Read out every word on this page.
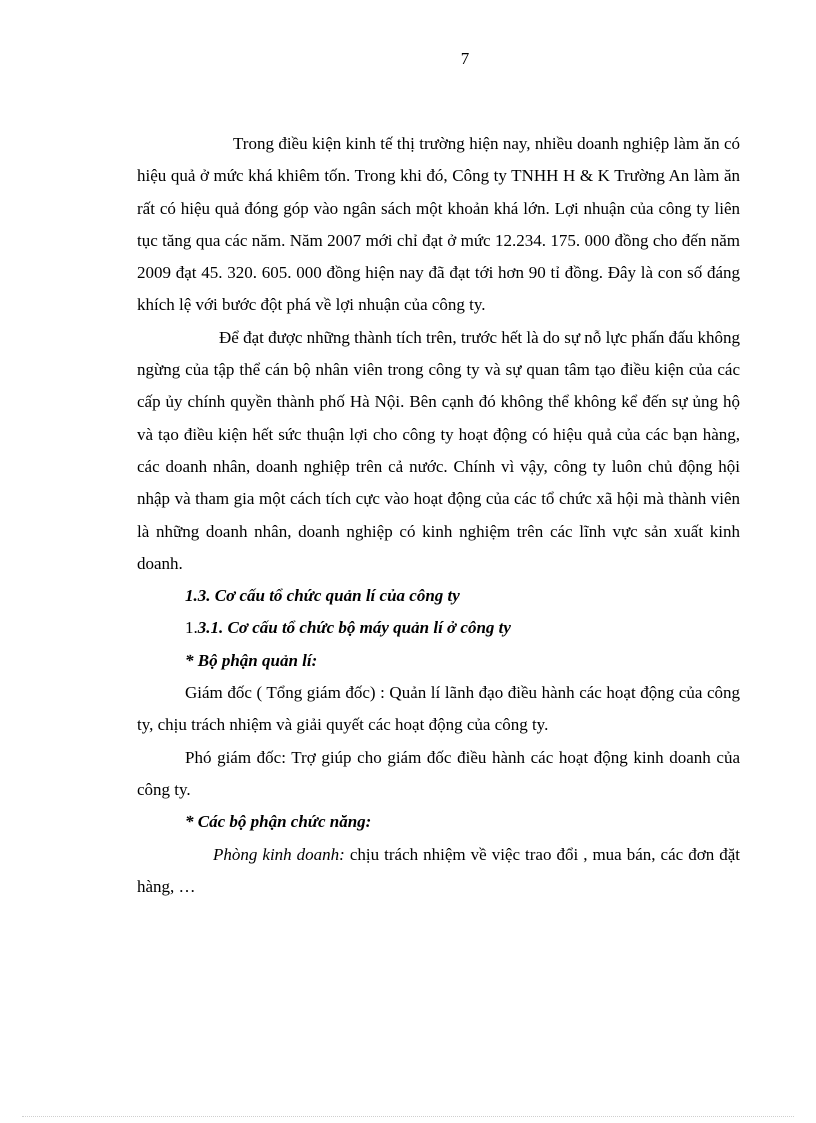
7

Trong điều kiện kinh tế thị trường hiện nay, nhiều doanh nghiệp làm ăn có hiệu quả ở mức khá khiêm tốn. Trong khi đó, Công ty TNHH H & K Trường An làm ăn rất có hiệu quả đóng góp vào ngân sách một khoản khá lớn. Lợi nhuận của công ty liên tục tăng qua các năm. Năm 2007 mới chỉ đạt ở mức 12.234. 175. 000 đồng cho đến năm 2009 đạt 45. 320. 605. 000 đồng hiện nay đã đạt tới hơn 90 tỉ đồng. Đây là con số đáng khích lệ với bước đột phá về lợi nhuận của công ty.

Để đạt được những thành tích trên, trước hết là do sự nỗ lực phấn đấu không ngừng của tập thể cán bộ nhân viên trong công ty và sự quan tâm tạo điều kiện của các cấp ủy chính quyền thành phố Hà Nội. Bên cạnh đó không thể không kể đến sự ủng hộ và tạo điều kiện hết sức thuận lợi cho công ty hoạt động có hiệu quả của các bạn hàng, các doanh nhân, doanh nghiệp trên cả nước. Chính vì vậy, công ty luôn chủ động hội nhập và tham gia một cách tích cực vào hoạt động của các tổ chức xã hội mà thành viên là những doanh nhân, doanh nghiệp có kinh nghiệm trên các lĩnh vực sản xuất kinh doanh.

1.3. Cơ cấu tổ chức quản lí của công ty

1.3.1. Cơ cấu tổ chức bộ máy quản lí ở công ty

* Bộ phận quản lí:

Giám đốc ( Tổng giám đốc) : Quản lí lãnh đạo điều hành các hoạt động của công ty, chịu trách nhiệm và giải quyết các hoạt động của công ty.

Phó giám đốc: Trợ giúp cho giám đốc điều hành các hoạt động kinh doanh của công ty.

* Các bộ phận chức năng:

Phòng kinh doanh: chịu trách nhiệm về việc trao đổi , mua bán, các đơn đặt hàng, …
